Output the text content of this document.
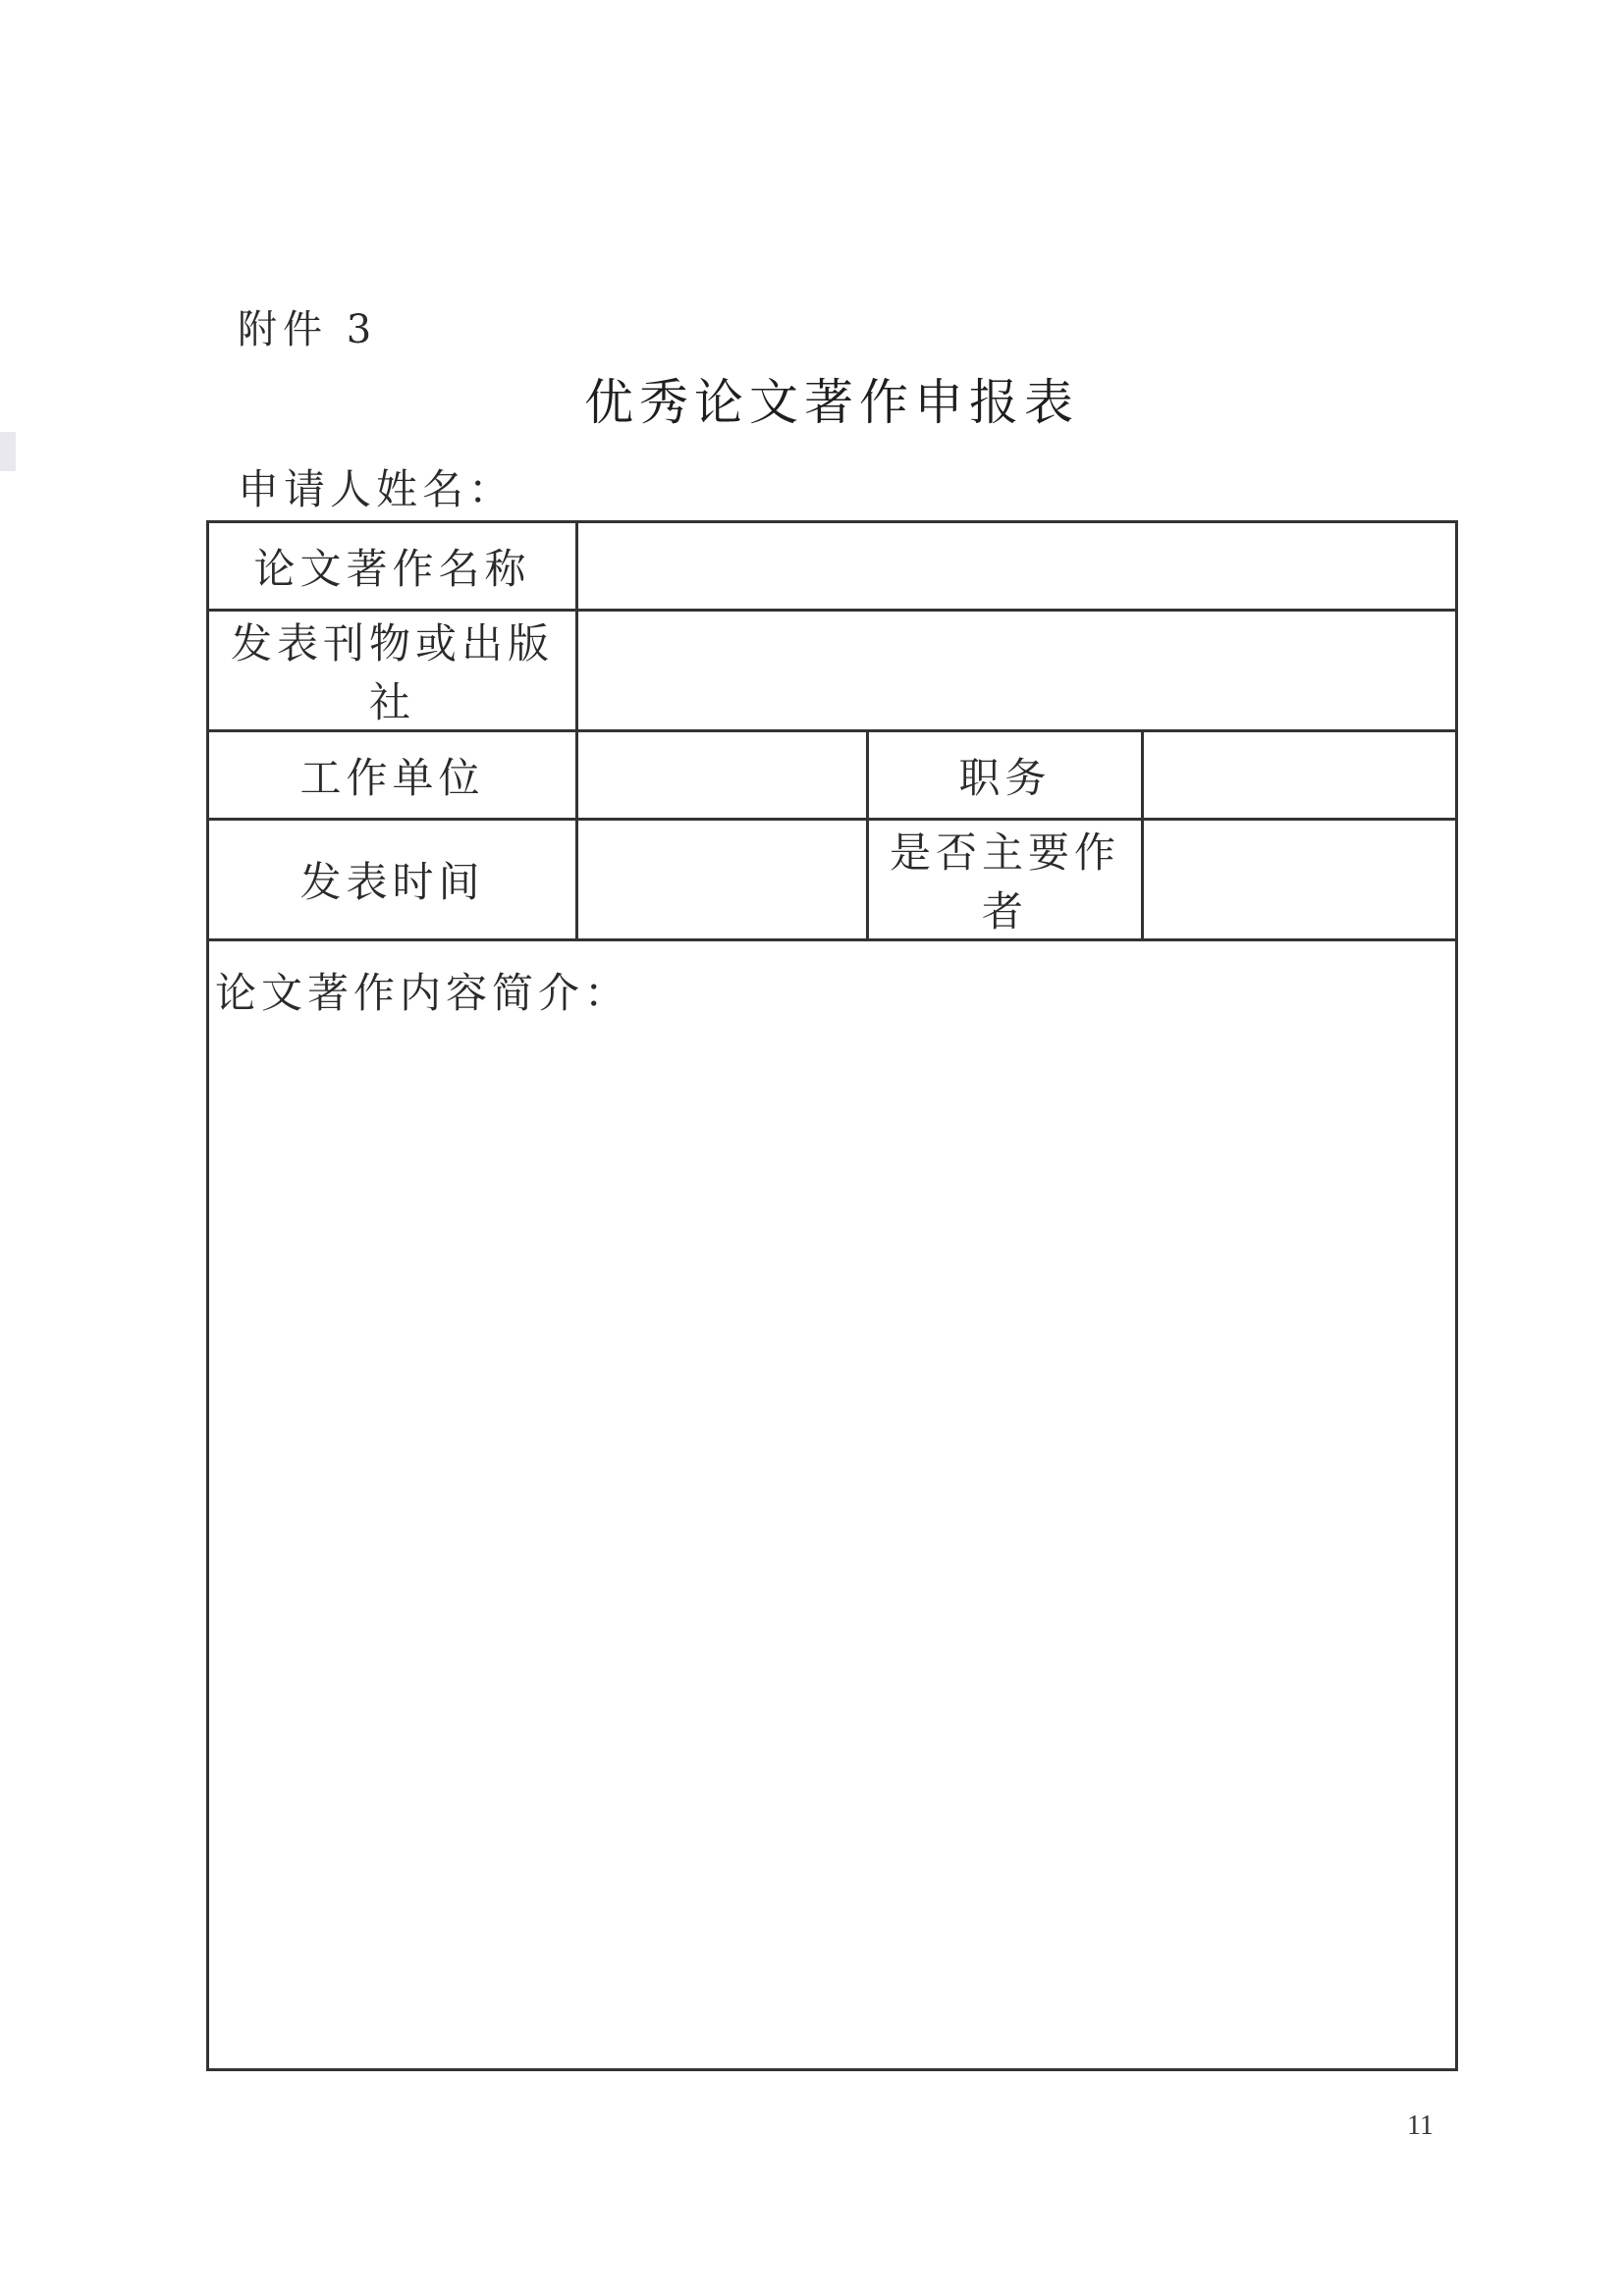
附件 3
优秀论文著作申报表
申请人姓名：
论文著作名称			
发表刊物或出版社			
工作单位		职务	
发表时间		是否主要作者	
论文著作内容简介：			
11
